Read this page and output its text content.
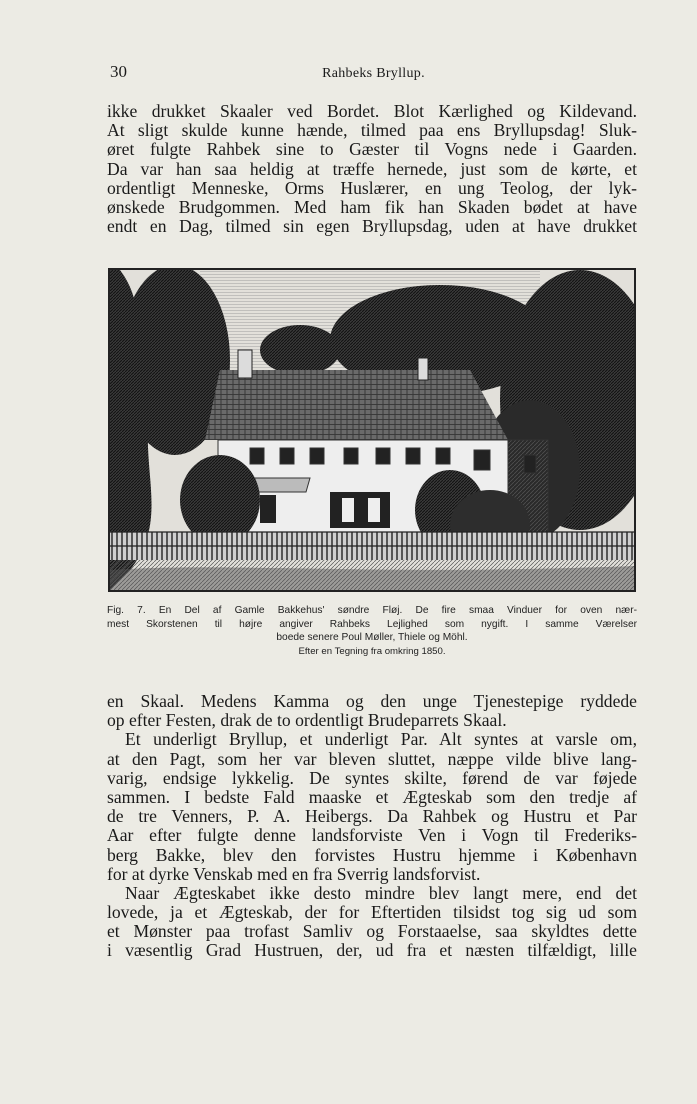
30	Rahbeks Bryllup.
ikke drukket Skaaler ved Bordet. Blot Kærlighed og Kildevand.
At sligt skulde kunne hænde, tilmed paa ens Bryllupsdag! Sluk-
øret fulgte Rahbek sine to Gæster til Vogns nede i Gaarden.
Da var han saa heldig at træffe hernede, just som de kørte, et
ordentligt Menneske, Orms Huslærer, en ung Teolog, der lyk-
ønskede Brudgommen. Med ham fik han Skaden bødet at have
endt en Dag, tilmed sin egen Bryllupsdag, uden at have drukket
Fig. 7. En Del af Gamle Bakkehus' søndre Fløj. De fire smaa Vinduer for oven nær-
mest Skorstenen til højre angiver Rahbeks Lejlighed som nygift. I samme Værelser
boede senere Poul Møller, Thiele og Möhl.
Efter en Tegning fra omkring 1850.
en Skaal. Medens Kamma og den unge Tjenestepige ryddede
op efter Festen, drak de to ordentligt Brudeparrets Skaal.
Et underligt Bryllup, et underligt Par. Alt syntes at varsle om,
at den Pagt, som her var bleven sluttet, næppe vilde blive lang-
varig, endsige lykkelig. De syntes skilte, førend de var føjede
sammen. I bedste Fald maaske et Ægteskab som den tredje af
de tre Venners, P. A. Heibergs. Da Rahbek og Hustru et Par
Aar efter fulgte denne landsforviste Ven i Vogn til Frederiks-
berg Bakke, blev den forvistes Hustru hjemme i København
for at dyrke Venskab med en fra Sverrig landsforvist.
Naar Ægteskabet ikke desto mindre blev langt mere, end det
lovede, ja et Ægteskab, der for Eftertiden tilsidst tog sig ud som
et Mønster paa trofast Samliv og Forstaaelse, saa skyldtes dette
i væsentlig Grad Hustruen, der, ud fra et næsten tilfældigt, lille
